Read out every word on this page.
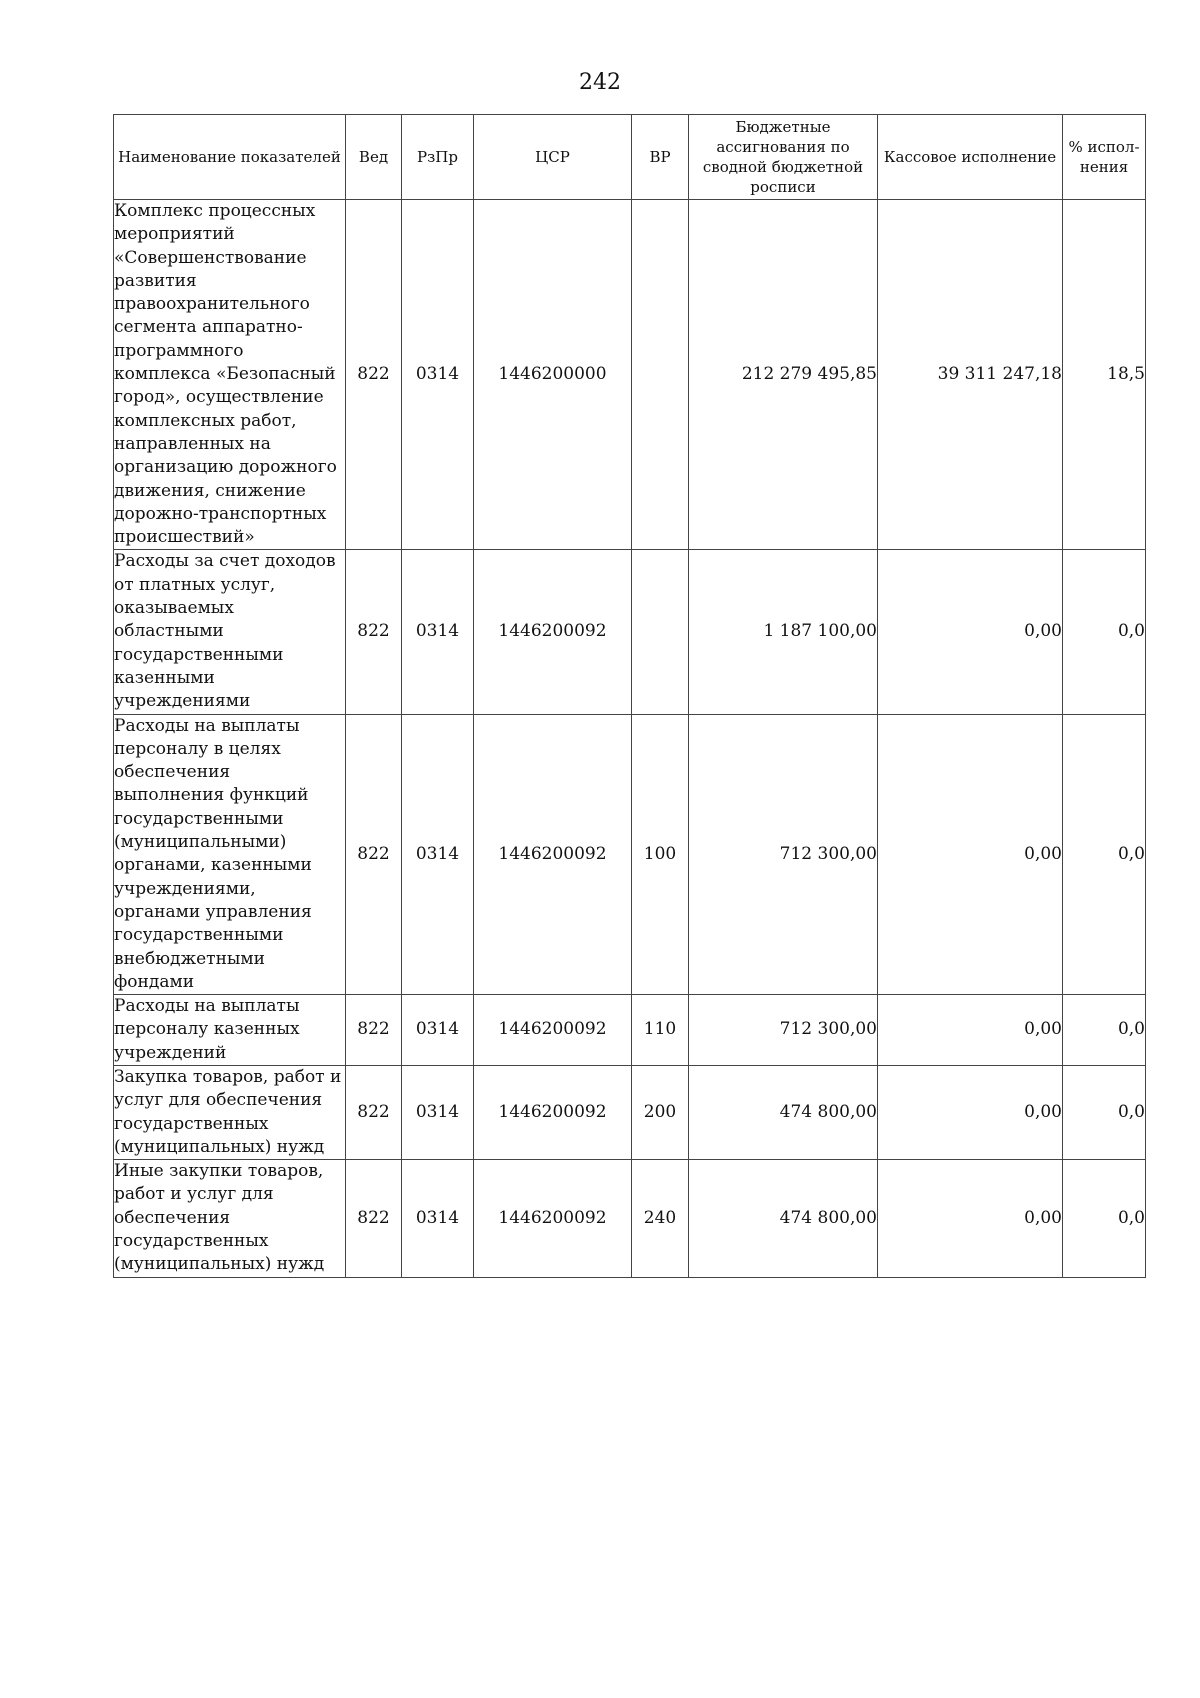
242
Наименование показателей	Вед	РзПр	ЦСР	ВР	Бюджетные ассигнования по сводной бюджетной росписи	Кассовое исполнение	% испол-нения
Комплекс процессных мероприятий «Совершенствование развития правоохранительного сегмента аппаратно-программного комплекса «Безопасный город», осуществление комплексных работ, направленных на организацию дорожного движения, снижение дорожно-транспортных происшествий»	822	0314	1446200000		212 279 495,85	39 311 247,18	18,5
Расходы за счет доходов от платных услуг, оказываемых областными государственными казенными учреждениями	822	0314	1446200092		1 187 100,00	0,00	0,0
Расходы на выплаты персоналу в целях обеспечения выполнения функций государственными (муниципальными) органами, казенными учреждениями, органами управления государственными внебюджетными фондами	822	0314	1446200092	100	712 300,00	0,00	0,0
Расходы на выплаты персоналу казенных учреждений	822	0314	1446200092	110	712 300,00	0,00	0,0
Закупка товаров, работ и услуг для обеспечения государственных (муниципальных) нужд	822	0314	1446200092	200	474 800,00	0,00	0,0
Иные закупки товаров, работ и услуг для обеспечения государственных (муниципальных) нужд	822	0314	1446200092	240	474 800,00	0,00	0,0
